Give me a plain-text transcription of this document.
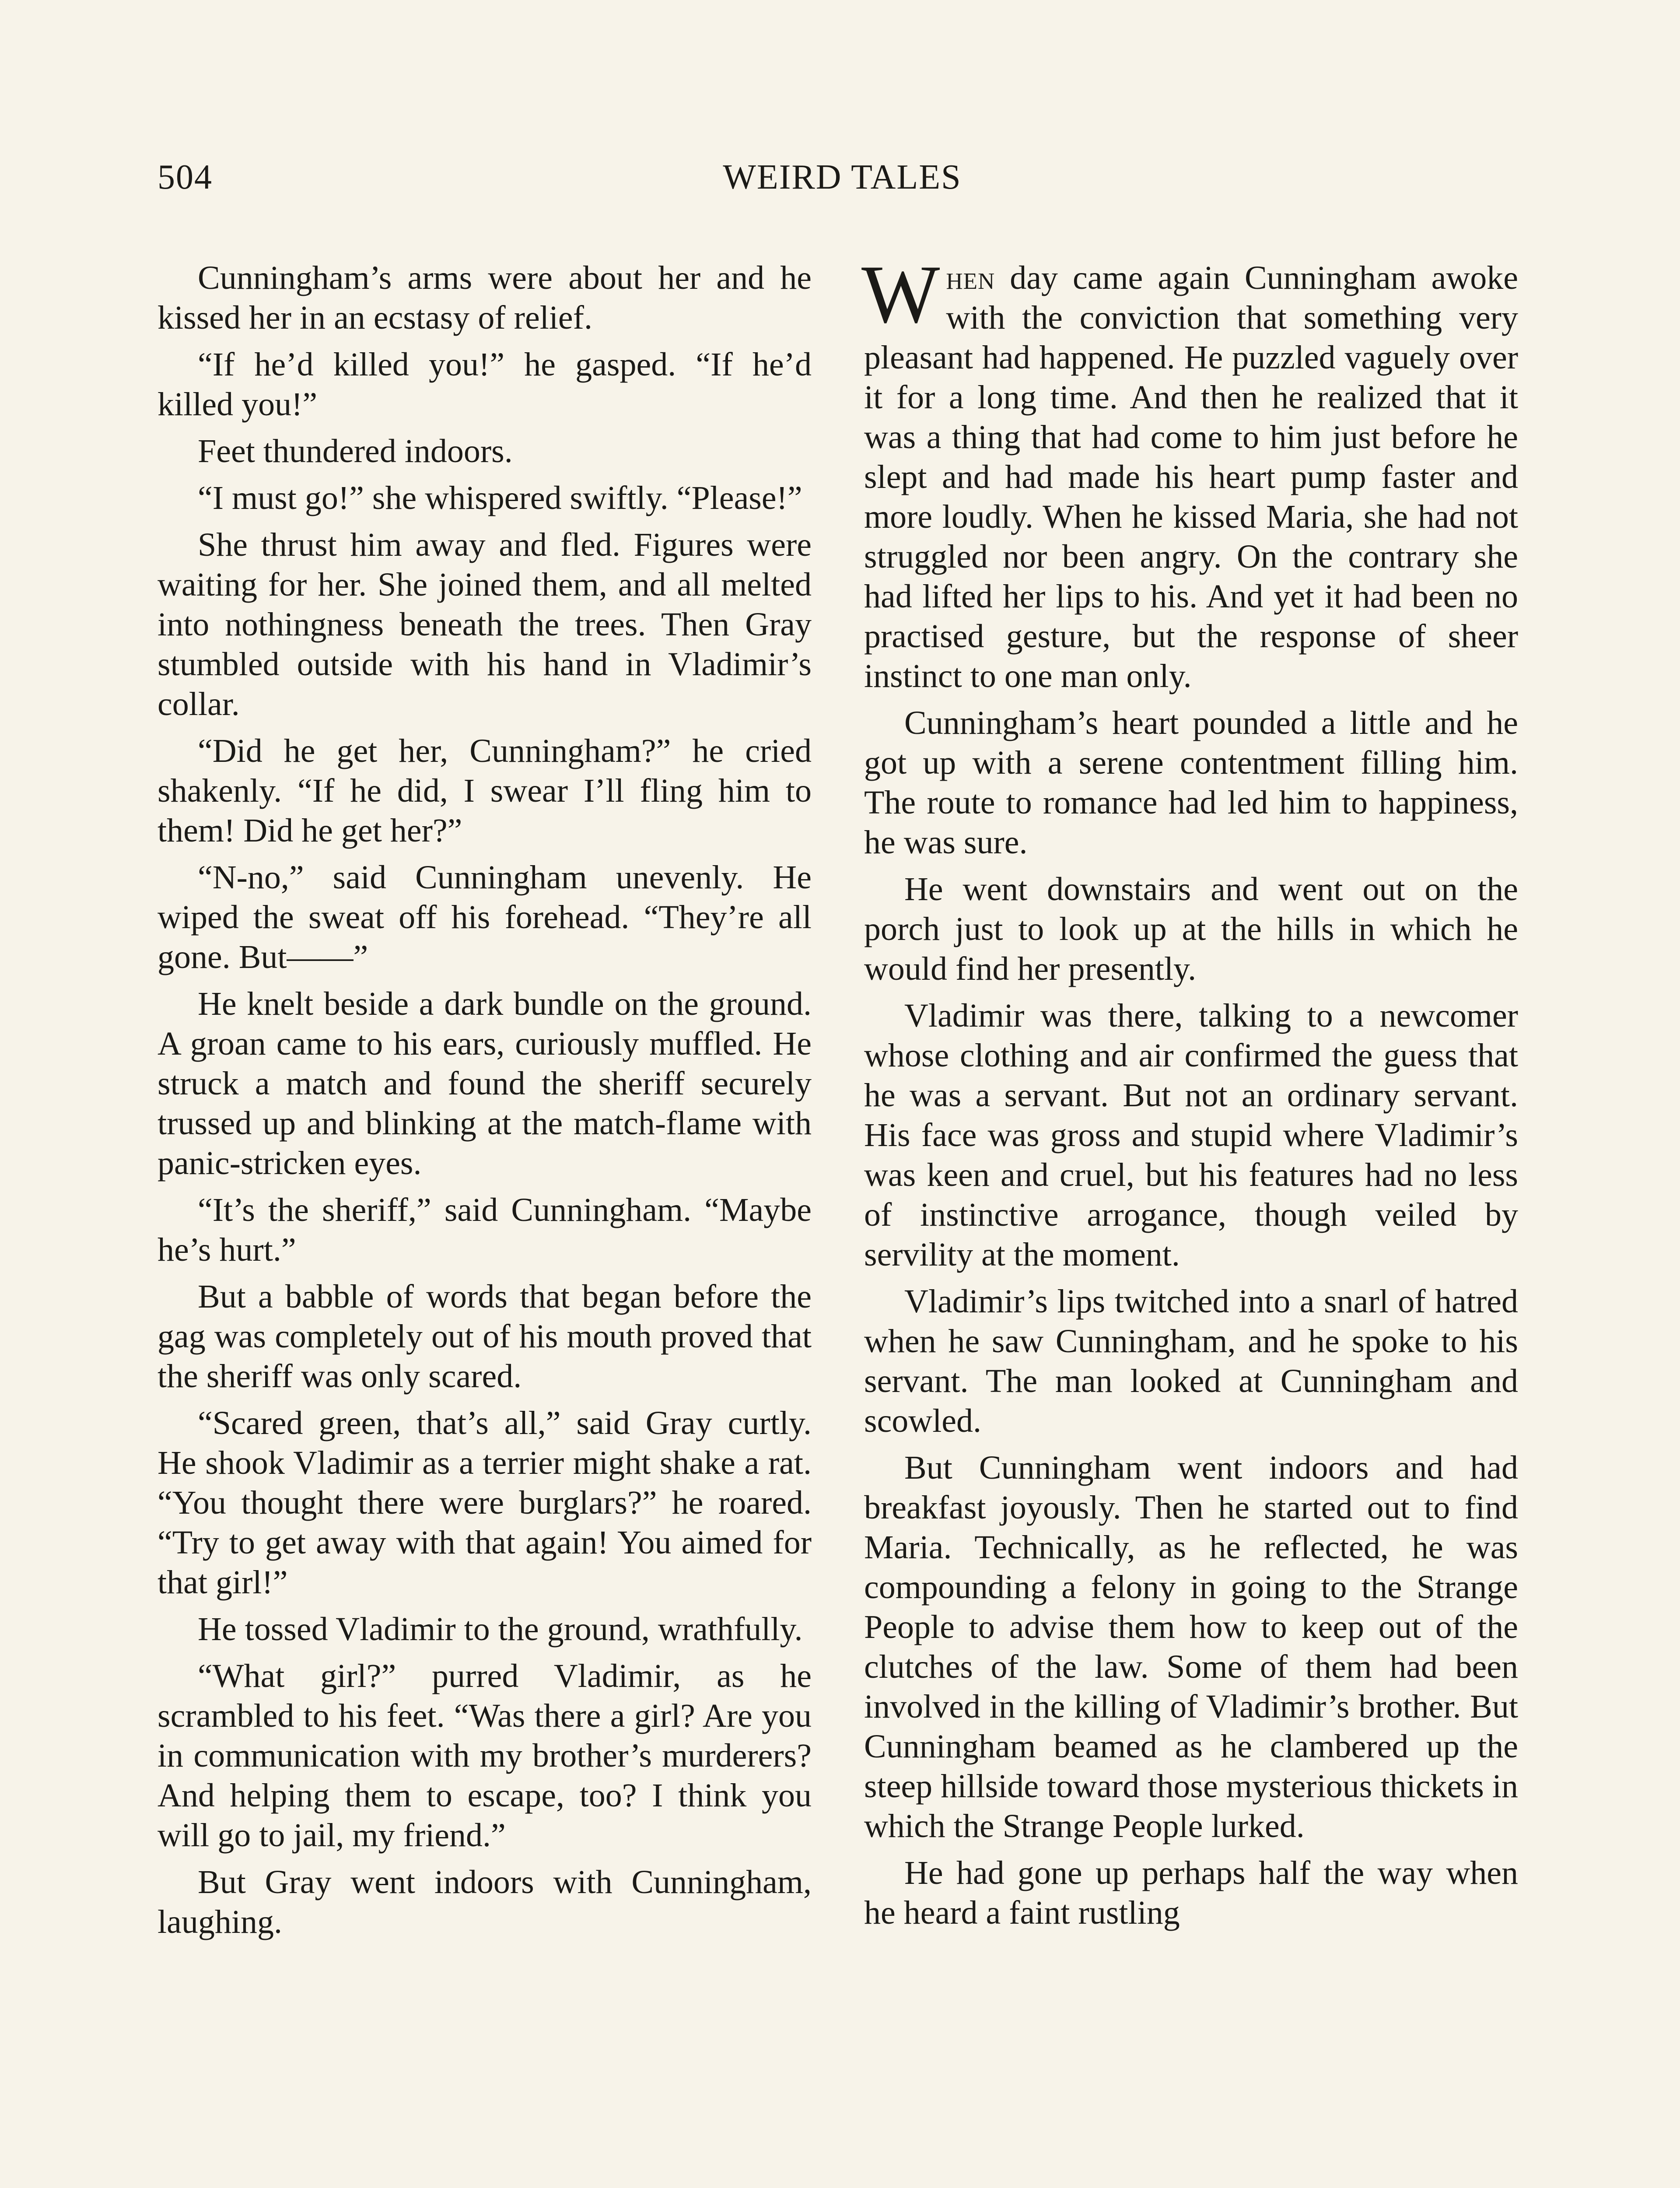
504	WEIRD TALES

Cunningham’s arms were about her and he kissed her in an ecstasy of relief.

“If he’d killed you!” he gasped. “If he’d killed you!”

Feet thundered indoors.

“I must go!” she whispered swiftly. “Please!”

She thrust him away and fled. Figures were waiting for her. She joined them, and all melted into nothingness beneath the trees. Then Gray stumbled outside with his hand in Vladimir’s collar.

“Did he get her, Cunningham?” he cried shakenly. “If he did, I swear I’ll fling him to them! Did he get her?”

“N-no,” said Cunningham unevenly. He wiped the sweat off his forehead. “They’re all gone. But——”

He knelt beside a dark bundle on the ground. A groan came to his ears, curiously muffled. He struck a match and found the sheriff securely trussed up and blinking at the match-flame with panic-stricken eyes.

“It’s the sheriff,” said Cunningham. “Maybe he’s hurt.”

But a babble of words that began before the gag was completely out of his mouth proved that the sheriff was only scared.

“Scared green, that’s all,” said Gray curtly. He shook Vladimir as a terrier might shake a rat. “You thought there were burglars?” he roared. “Try to get away with that again! You aimed for that girl!”

He tossed Vladimir to the ground, wrathfully.

“What girl?” purred Vladimir, as he scrambled to his feet. “Was there a girl? Are you in communication with my brother’s murderers? And helping them to escape, too? I think you will go to jail, my friend.”

But Gray went indoors with Cunningham, laughing.

When day came again Cunningham awoke with the conviction that something very pleasant had happened. He puzzled vaguely over it for a long time. And then he realized that it was a thing that had come to him just before he slept and had made his heart pump faster and more loudly. When he kissed Maria, she had not struggled nor been angry. On the contrary she had lifted her lips to his. And yet it had been no practised gesture, but the response of sheer instinct to one man only.

Cunningham’s heart pounded a little and he got up with a serene contentment filling him. The route to romance had led him to happiness, he was sure.

He went downstairs and went out on the porch just to look up at the hills in which he would find her presently.

Vladimir was there, talking to a newcomer whose clothing and air confirmed the guess that he was a servant. But not an ordinary servant. His face was gross and stupid where Vladimir’s was keen and cruel, but his features had no less of instinctive arrogance, though veiled by servility at the moment.

Vladimir’s lips twitched into a snarl of hatred when he saw Cunningham, and he spoke to his servant. The man looked at Cunningham and scowled.

But Cunningham went indoors and had breakfast joyously. Then he started out to find Maria. Technically, as he reflected, he was compounding a felony in going to the Strange People to advise them how to keep out of the clutches of the law. Some of them had been involved in the killing of Vladimir’s brother. But Cunningham beamed as he clambered up the steep hillside toward those mysterious thickets in which the Strange People lurked.

He had gone up perhaps half the way when he heard a faint rustling
